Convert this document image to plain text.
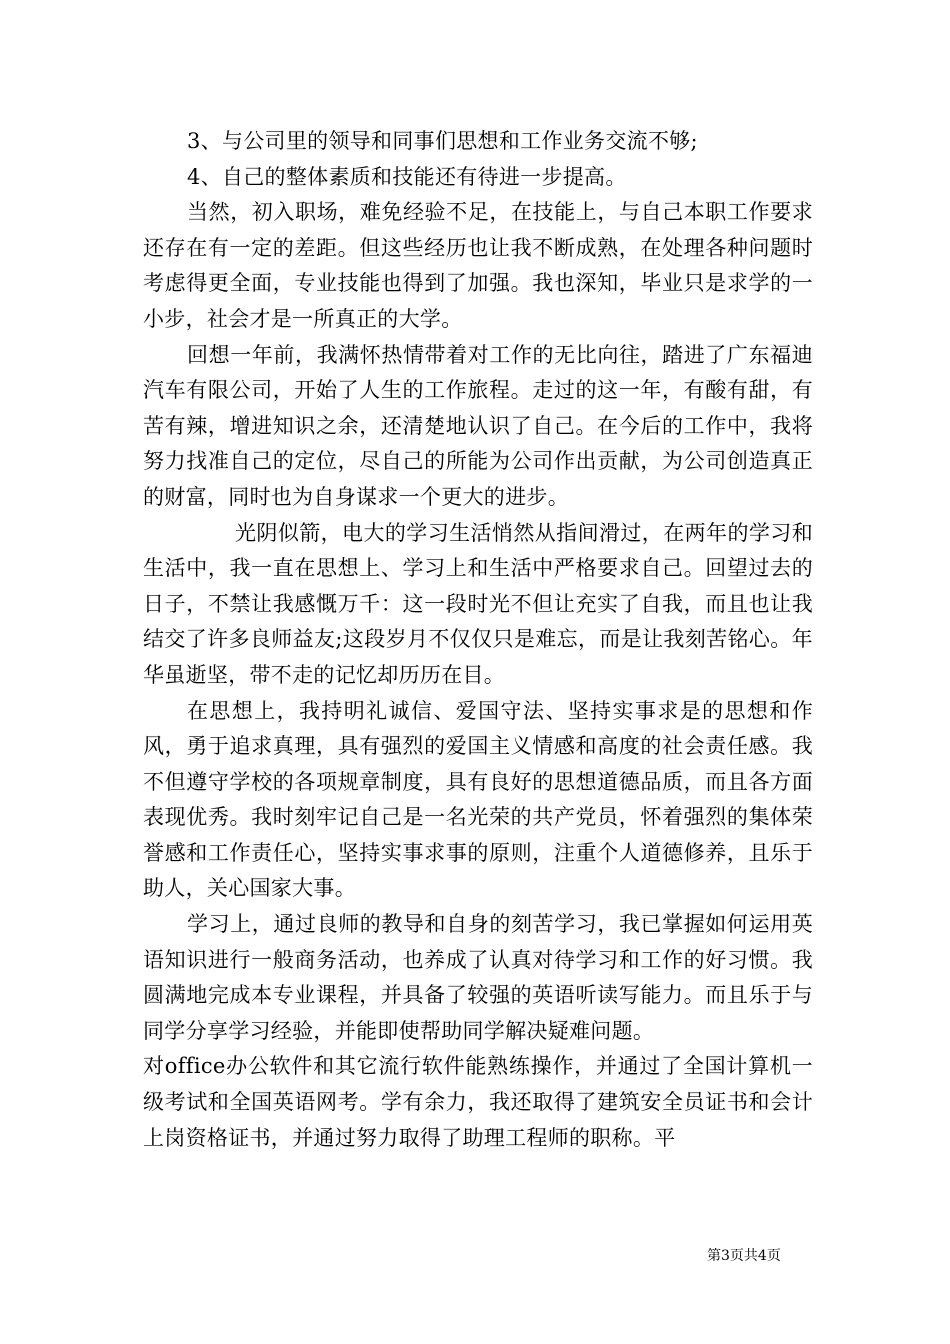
3、与公司里的领导和同事们思想和工作业务交流不够;

4、自己的整体素质和技能还有待进一步提高。

当然，初入职场，难免经验不足，在技能上，与自己本职工作要求还存在有一定的差距。但这些经历也让我不断成熟，在处理各种问题时考虑得更全面，专业技能也得到了加强。我也深知，毕业只是求学的一小步，社会才是一所真正的大学。

回想一年前，我满怀热情带着对工作的无比向往，踏进了广东福迪汽车有限公司，开始了人生的工作旅程。走过的这一年，有酸有甜，有苦有辣，增进知识之余，还清楚地认识了自己。在今后的工作中，我将努力找准自己的定位，尽自己的所能为公司作出贡献，为公司创造真正的财富，同时也为自身谋求一个更大的进步。

光阴似箭，电大的学习生活悄然从指间滑过，在两年的学习和生活中，我一直在思想上、学习上和生活中严格要求自己。回望过去的日子，不禁让我感慨万千：这一段时光不但让充实了自我，而且也让我结交了许多良师益友;这段岁月不仅仅只是难忘，而是让我刻苦铭心。年华虽逝坚，带不走的记忆却历历在目。

在思想上，我持明礼诚信、爱国守法、坚持实事求是的思想和作风，勇于追求真理，具有强烈的爱国主义情感和高度的社会责任感。我不但遵守学校的各项规章制度，具有良好的思想道德品质，而且各方面表现优秀。我时刻牢记自己是一名光荣的共产党员，怀着强烈的集体荣誉感和工作责任心，坚持实事求事的原则，注重个人道德修养，且乐于助人，关心国家大事。

学习上，通过良师的教导和自身的刻苦学习，我已掌握如何运用英语知识进行一般商务活动，也养成了认真对待学习和工作的好习惯。我圆满地完成本专业课程，并具备了较强的英语听读写能力。而且乐于与同学分享学习经验，并能即使帮助同学解决疑难问题。

对office办公软件和其它流行软件能熟练操作，并通过了全国计算机一级考试和全国英语网考。学有余力，我还取得了建筑安全员证书和会计上岗资格证书，并通过努力取得了助理工程师的职称。平

第3页共4页
